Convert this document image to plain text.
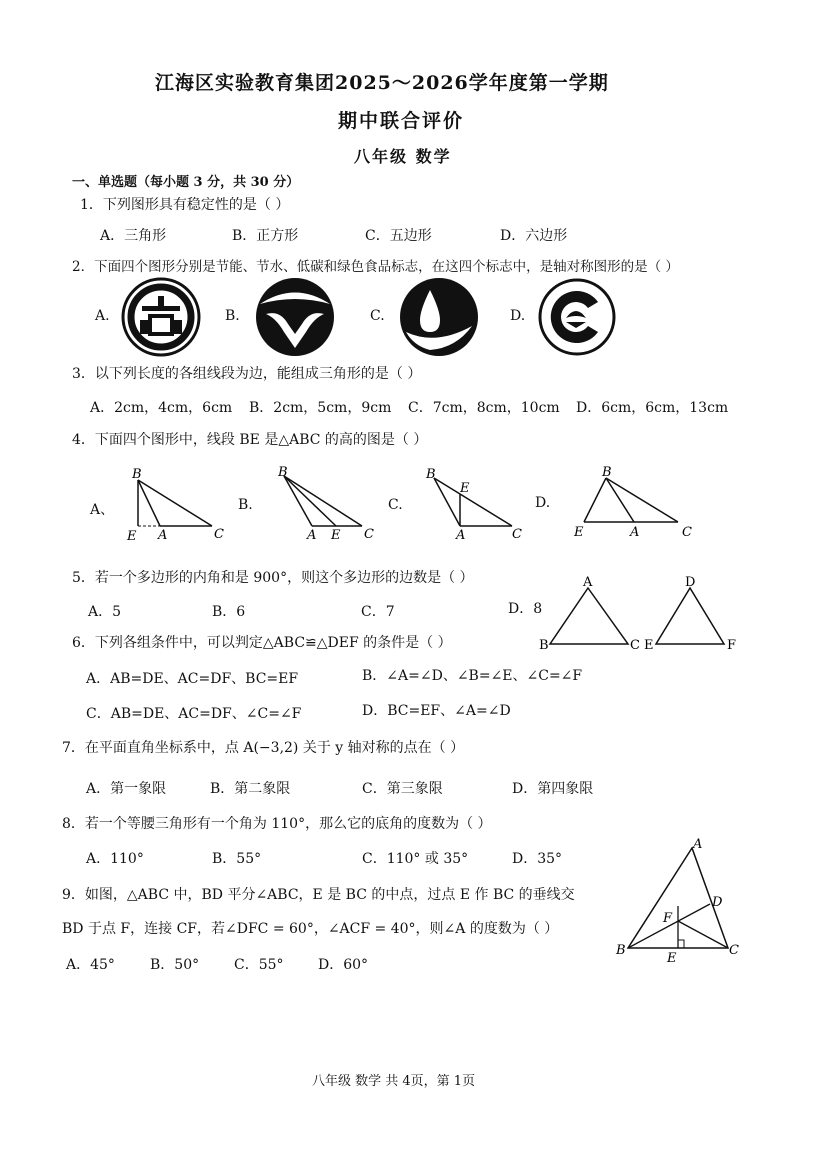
江海区实验教育集团2025～2026学年度第一学期
期中联合评价
八年级 数学
一、单选题（每小题 3 分，共 30 分）
1．下列图形具有稳定性的是（ ）
A．三角形	B．正方形	C．五边形	D．六边形
2．下面四个图形分别是节能、节水、低碳和绿色食品标志，在这四个标志中，是轴对称图形的是（ ）
A.	B.	C.	D.
3．以下列长度的各组线段为边，能组成三角形的是（ ）
A．2cm，4cm，6cm B．2cm，5cm，9cm C．7cm，8cm，10cm D．6cm，6cm，13cm
4．下面四个图形中，线段 BE 是△ABC 的高的图是（ ）
A、	B.	C.	D.
B
E A	C
B
A E C
B
E
A	C
B
E	A	C
5．若一个多边形的内角和是 900°，则这个多边形的边数是（ ）
A．5	B．6	C．7	D．8
A
B	C
D
E	F
6．下列各组条件中，可以判定△ABC≌△DEF 的条件是（ ）
A．AB=DE、AC=DF、BC=EF	B．∠A=∠D、∠B=∠E、∠C=∠F
C．AB=DE、AC=DF、∠C=∠F	D．BC=EF、∠A=∠D
7．在平面直角坐标系中，点 A(−3,2) 关于 y 轴对称的点在（ ）
A．第一象限	B．第二象限	C．第三象限	D．第四象限
8．若一个等腰三角形有一个角为 110°，那么它的底角的度数为（ ）
A．110°	B．55°	C．110° 或 35°	D．35°
9．如图，△ABC 中，BD 平分∠ABC，E 是 BC 的中点，过点 E 作 BC 的垂线交
BD 于点 F，连接 CF，若∠DFC = 60°，∠ACF = 40°，则∠A 的度数为（ ）
A．45°	B．50° C．55° D．60°
A
D
F
B
E
C
八年级 数学 共 4页，第 1页
